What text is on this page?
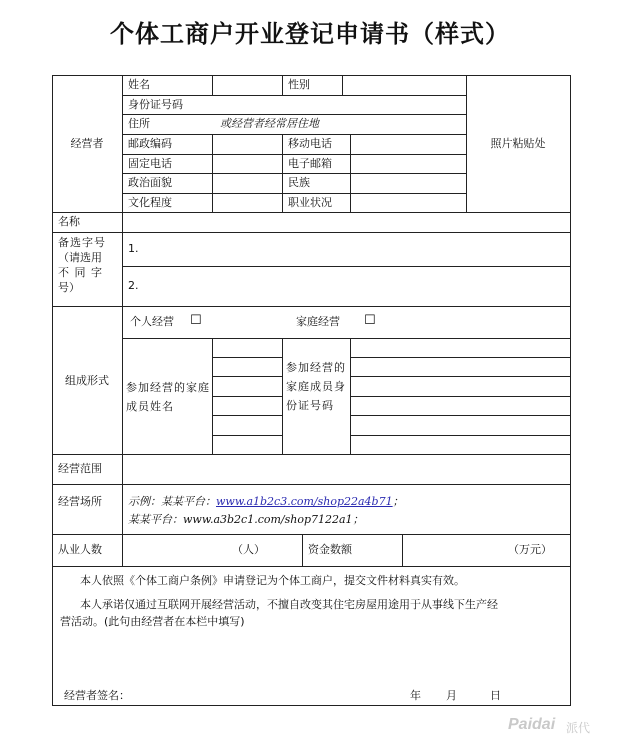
个体工商户开业登记申请书（样式）
经营者
姓名	性别
身份证号码
住所	或经营者经常居住地
邮政编码	移动电话
固定电话	电子邮箱
政治面貌	民族
文化程度	职业状况
照片粘贴处
名称
备选字号
（请选用
不 同 字
号）
1.
2.
组成形式
个人经营 ☐	家庭经营 ☐
参加经营的家庭成员姓名
参加经营的家庭成员身份证号码
经营范围
经营场所 示例：某某平台：www.a1b2c3.com/shop22a4b71；
某某平台：www.a3b2c1.com/shop7122a1；
从业人数	（人）	资金数额	（万元）
本人依照《个体工商户条例》申请登记为个体工商户，提交文件材料真实有效。
本人承诺仅通过互联网开展经营活动，不擅自改变其住宅房屋用途用于从事线下生产经
营活动。(此句由经营者在本栏中填写)
经营者签名：	年 月	日
Paidai 派代
